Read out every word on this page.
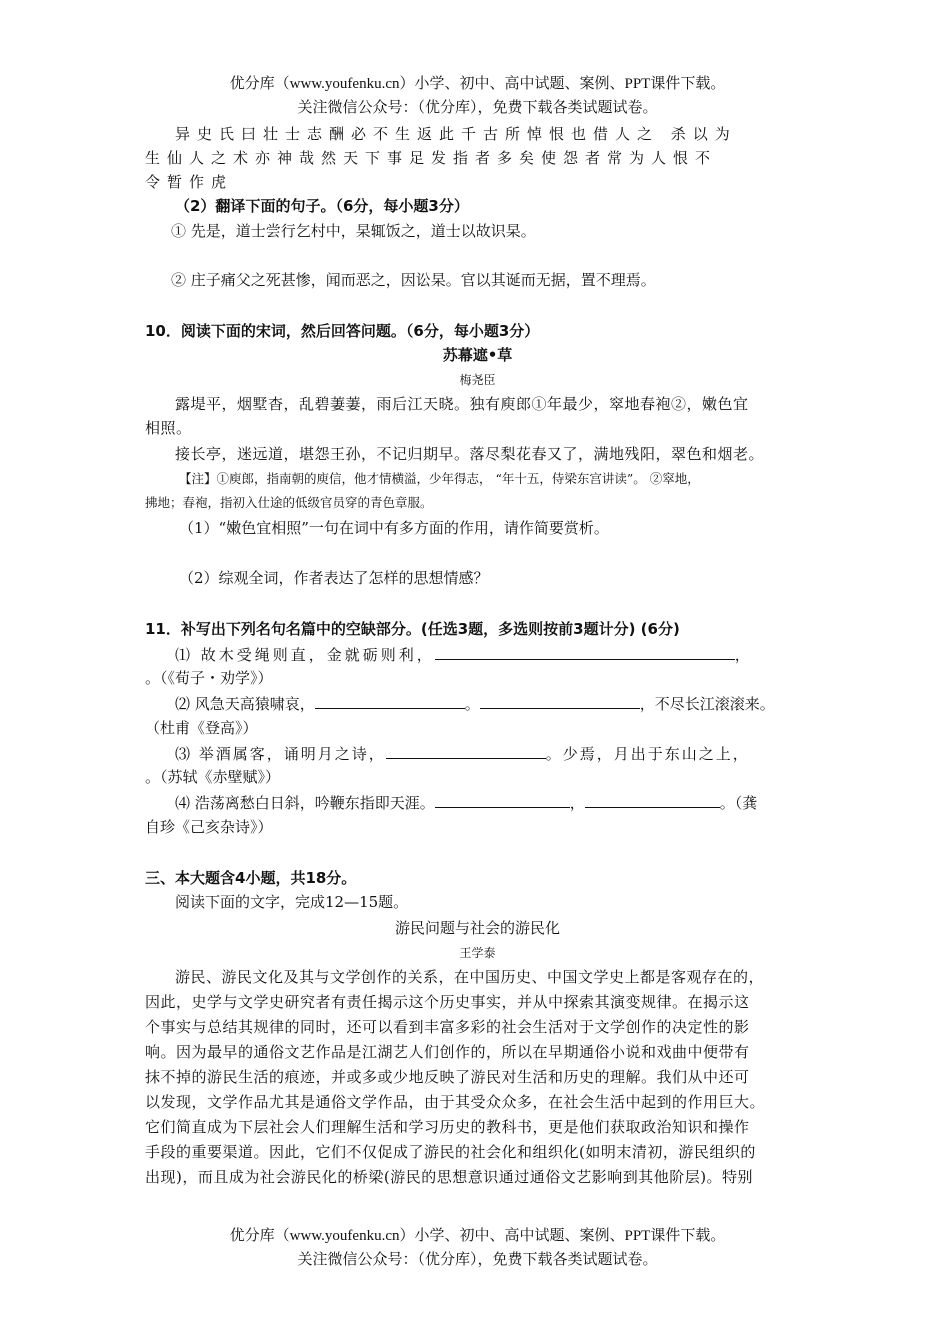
优分库（www.youfenku.cn）小学、初中、高中试题、案例、PPT课件下载。
关注微信公众号：（优分库），免费下载各类试题试卷。
异史氏曰壮士志酬必不生返此千古所悼恨也借人之 杀以为
生仙人之术亦神哉然天下事足发指者多矣使怨者常为人恨不
令暂作虎
（2）翻译下面的句子。（6分，每小题3分）
① 先是，道士尝行乞村中，杲辄饭之，道士以故识杲。
② 庄子痛父之死甚惨，闻而恶之，因讼杲。官以其诞而无据，置不理焉。
10．阅读下面的宋词，然后回答问题。（6分，每小题3分）
苏幕遮•草
梅尧臣
露堤平，烟墅杳，乱碧萋萋，雨后江天晓。独有庾郎①年最少，窣地春袍②，嫩色宜
相照。
接长亭，迷远道，堪怨王孙，不记归期早。落尽梨花春又了，满地残阳，翠色和烟老。
【注】①庾郎，指南朝的庾信，他才情横溢，少年得志， “年十五，侍梁东宫讲读”。 ②窣地，
拂地；春袍，指初入仕途的低级官员穿的青色章服。
（1）“嫩色宜相照”一句在词中有多方面的作用，请作简要赏析。
（2）综观全词，作者表达了怎样的思想情感？
11．补写出下列名句名篇中的空缺部分。(任选3题，多选则按前3题计分) (6分)
⑴ 故木受绳则直，金就砺则利，	，
。（《荀子・劝学》）
⑵ 风急天高猿啸哀，	。	，不尽长江滚滚来。
（杜甫《登高》）
⑶ 举酒属客，诵明月之诗，	。少焉，月出于东山之上，
。（苏轼《赤壁赋》）
⑷ 浩荡离愁白日斜，吟鞭东指即天涯。	，	。（龚
自珍《己亥杂诗》）
三、本大题含4小题，共18分。
阅读下面的文字，完成12—15题。
游民问题与社会的游民化
王学泰
游民、游民文化及其与文学创作的关系，在中国历史、中国文学史上都是客观存在的，
因此，史学与文学史研究者有责任揭示这个历史事实，并从中探索其演变规律。在揭示这
个事实与总结其规律的同时，还可以看到丰富多彩的社会生活对于文学创作的决定性的影
响。因为最早的通俗文艺作品是江湖艺人们创作的，所以在早期通俗小说和戏曲中便带有
抹不掉的游民生活的痕迹，并或多或少地反映了游民对生活和历史的理解。我们从中还可
以发现，文学作品尤其是通俗文学作品，由于其受众众多，在社会生活中起到的作用巨大。
它们简直成为下层社会人们理解生活和学习历史的教科书，更是他们获取政治知识和操作
手段的重要渠道。因此，它们不仅促成了游民的社会化和组织化(如明末清初，游民组织的
出现)，而且成为社会游民化的桥梁(游民的思想意识通过通俗文艺影响到其他阶层)。特别
优分库（www.youfenku.cn）小学、初中、高中试题、案例、PPT课件下载。
关注微信公众号：（优分库），免费下载各类试题试卷。
